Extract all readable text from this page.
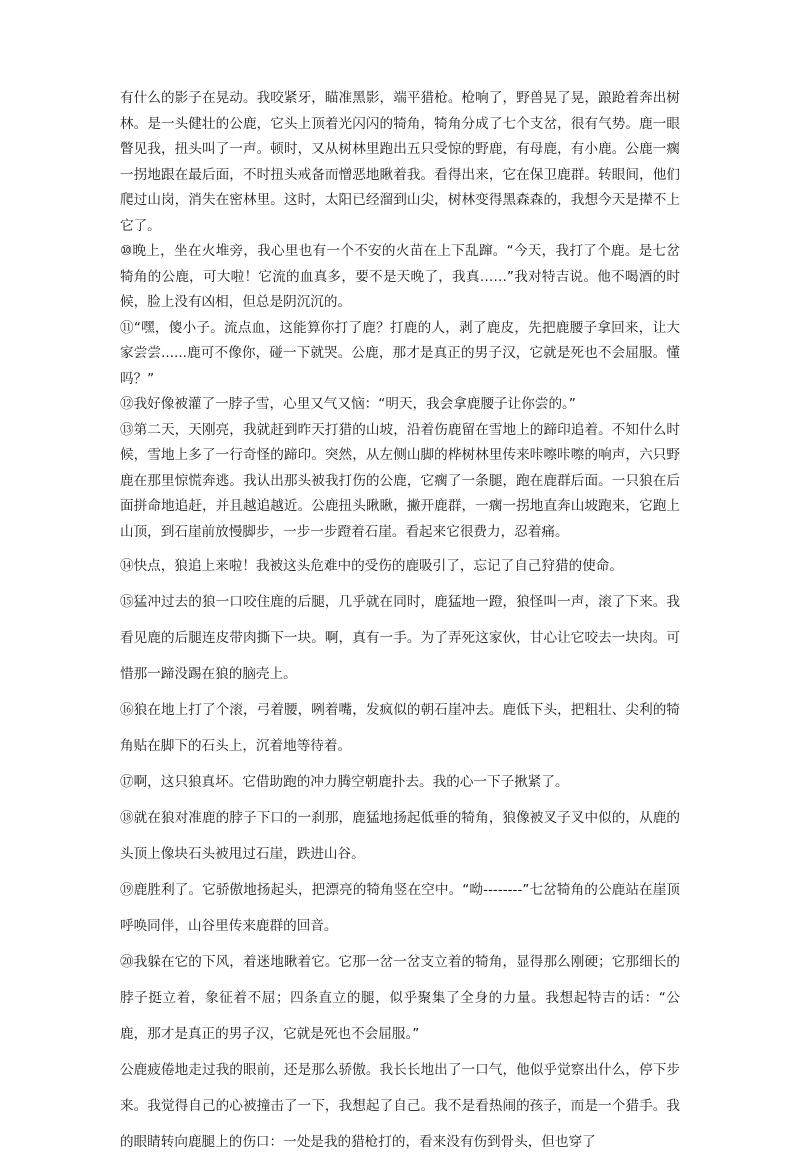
有什么的影子在晃动。我咬紧牙，瞄准黑影，端平猎枪。枪响了，野兽晃了晃，踉跄着奔出树林。是一头健壮的公鹿，它头上顶着光闪闪的犄角，犄角分成了七个支岔，很有气势。鹿一眼瞥见我，扭头叫了一声。顿时，又从树林里跑出五只受惊的野鹿，有母鹿，有小鹿。公鹿一瘸一拐地跟在最后面，不时扭头戒备而憎恶地瞅着我。看得出来，它在保卫鹿群。转眼间，他们爬过山岗，消失在密林里。这时，太阳已经溜到山尖，树林变得黑森森的，我想今天是撵不上它了。

⑩晚上，坐在火堆旁，我心里也有一个不安的火苗在上下乱蹿。“今天，我打了个鹿。是七岔犄角的公鹿，可大啦！它流的血真多，要不是天晚了，我真……”我对特吉说。他不喝酒的时候，脸上没有凶相，但总是阴沉沉的。

⑪“嘿，傻小子。流点血，这能算你打了鹿？打鹿的人，剥了鹿皮，先把鹿腰子拿回来，让大家尝尝......鹿可不像你，碰一下就哭。公鹿，那才是真正的男子汉，它就是死也不会屈服。懂吗？”

⑫我好像被灌了一脖子雪，心里又气又恼：“明天，我会拿鹿腰子让你尝的。”

⑬第二天，天刚亮，我就赶到昨天打猎的山坡，沿着伤鹿留在雪地上的蹄印追着。不知什么时候，雪地上多了一行奇怪的蹄印。突然，从左侧山脚的桦树林里传来咔嚓咔嚓的响声，六只野鹿在那里惊慌奔逃。我认出那头被我打伤的公鹿，它瘸了一条腿，跑在鹿群后面。一只狼在后面拼命地追赶，并且越追越近。公鹿扭头瞅瞅，撇开鹿群，一瘸一拐地直奔山坡跑来，它跑上山顶，到石崖前放慢脚步，一步一步蹬着石崖。看起来它很费力，忍着痛。

⑭快点，狼追上来啦！我被这头危难中的受伤的鹿吸引了，忘记了自己狩猎的使命。

⑮猛冲过去的狼一口咬住鹿的后腿，几乎就在同时，鹿猛地一蹬，狼怪叫一声，滚了下来。我看见鹿的后腿连皮带肉撕下一块。啊，真有一手。为了弄死这家伙，甘心让它咬去一块肉。可惜那一蹄没踢在狼的脑壳上。

⑯狼在地上打了个滚，弓着腰，咧着嘴，发疯似的朝石崖冲去。鹿低下头，把粗壮、尖利的犄角贴在脚下的石头上，沉着地等待着。

⑰啊，这只狼真坏。它借助跑的冲力腾空朝鹿扑去。我的心一下子揪紧了。

⑱就在狼对准鹿的脖子下口的一刹那，鹿猛地扬起低垂的犄角，狼像被叉子叉中似的，从鹿的头顶上像块石头被甩过石崖，跌进山谷。

⑲鹿胜利了。它骄傲地扬起头，把漂亮的犄角竖在空中。“呦--------”七岔犄角的公鹿站在崖顶呼唤同伴，山谷里传来鹿群的回音。

⑳我躲在它的下风，着迷地瞅着它。它那一岔一岔支立着的犄角，显得那么刚硬；它那细长的脖子挺立着，象征着不屈；四条直立的腿，似乎聚集了全身的力量。我想起特吉的话：“公鹿，那才是真正的男子汉，它就是死也不会屈服。”

公鹿疲倦地走过我的眼前，还是那么骄傲。我长长地出了一口气，他似乎觉察出什么，停下步来。我觉得自己的心被撞击了一下，我想起了自己。我不是看热闹的孩子，而是一个猎手。我的眼睛转向鹿腿上的伤口：一处是我的猎枪打的，看来没有伤到骨头，但也穿了
